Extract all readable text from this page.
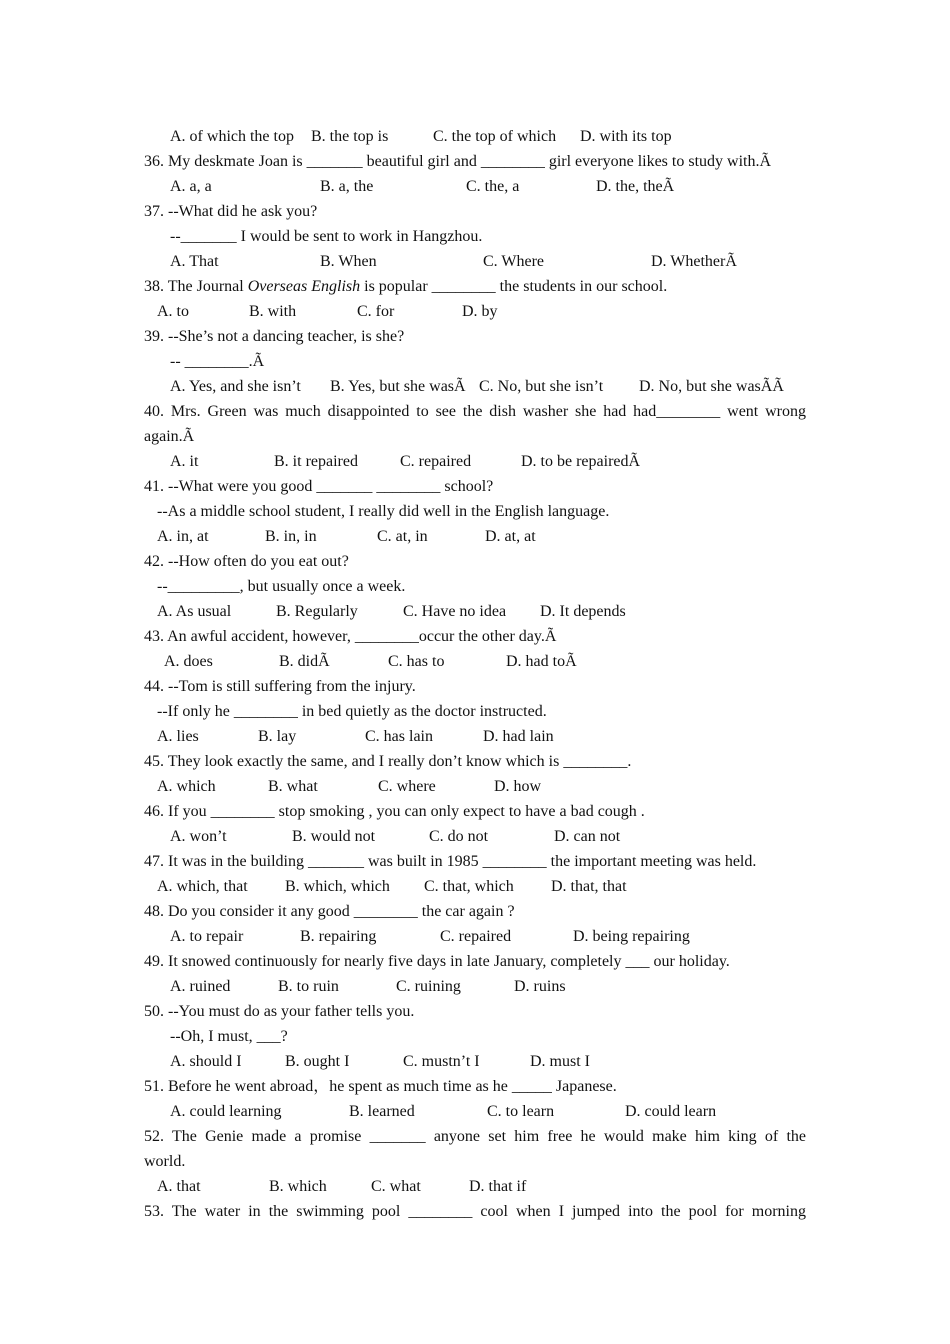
A. of which the top B. the top is	C. the top of which D. with its top
36. My deskmate Joan is _______ beautiful girl and ________ girl everyone likes to study with.Ã
A. a, a	B. a, the	C. the, a	D. the, theÃ
37. --What did he ask you?
--_______ I would be sent to work in Hangzhou.
A. That	B. When	C. Where	D. WhetherÃ
38. The Journal Overseas English is popular ________ the students in our school.
A. to	B. with	C. for	D. by
39. --She’s not a dancing teacher, is she?
-- ________.Ã
A. Yes, and she isn’t B. Yes, but she wasÃ C. No, but she isn’t D. No, but she wasÃÃ
40. Mrs. Green was much disappointed to see the dish washer she had had________ went wrong
again.Ã
A. it	B. it repaired	C. repaired	D. to be repairedÃ
41. --What were you good _______ ________ school?
--As a middle school student, I really did well in the English language.
A. in, at	B. in, in	C. at, in	D. at, at
42. --How often do you eat out?
--_________, but usually once a week.
A. As usual	B. Regularly	C. Have no idea D. It depends
43. An awful accident, however, ________occur the other day.Ã
A. does	B. didÃ	C. has to	D. had toÃ
44. --Tom is still suffering from the injury.
--If only he ________ in bed quietly as the doctor instructed.
A. lies	B. lay	C. has lain	D. had lain
45. They look exactly the same, and I really don’t know which is ________.
A. which	B. what	C. where	D. how
46. If you ________ stop smoking , you can only expect to have a bad cough .
A. won’t	B. would not	C. do not	D. can not
47. It was in the building _______ was built in 1985 ________ the important meeting was held.
A. which, that B. which, which C. that, which D. that, that
48. Do you consider it any good ________ the car again ?
A. to repair	B. repairing	C. repaired	D. being repairing
49. It snowed continuously for nearly five days in late January, completely ___ our holiday.
A. ruined	B. to ruin	C. ruining	D. ruins
50. --You must do as your father tells you.
--Oh, I must, ___?
A. should I	B. ought I	C. mustn’t I	D. must I
51. Before he went abroad，he spent as much time as he _____ Japanese.
A. could learning	B. learned	C. to learn	D. could learn
52. The Genie made a promise _______ anyone set him free he would make him king of the
world.
A. that	B. which	C. what	D. that if
53. The water in the swimming pool ________ cool when I jumped into the pool for morning
